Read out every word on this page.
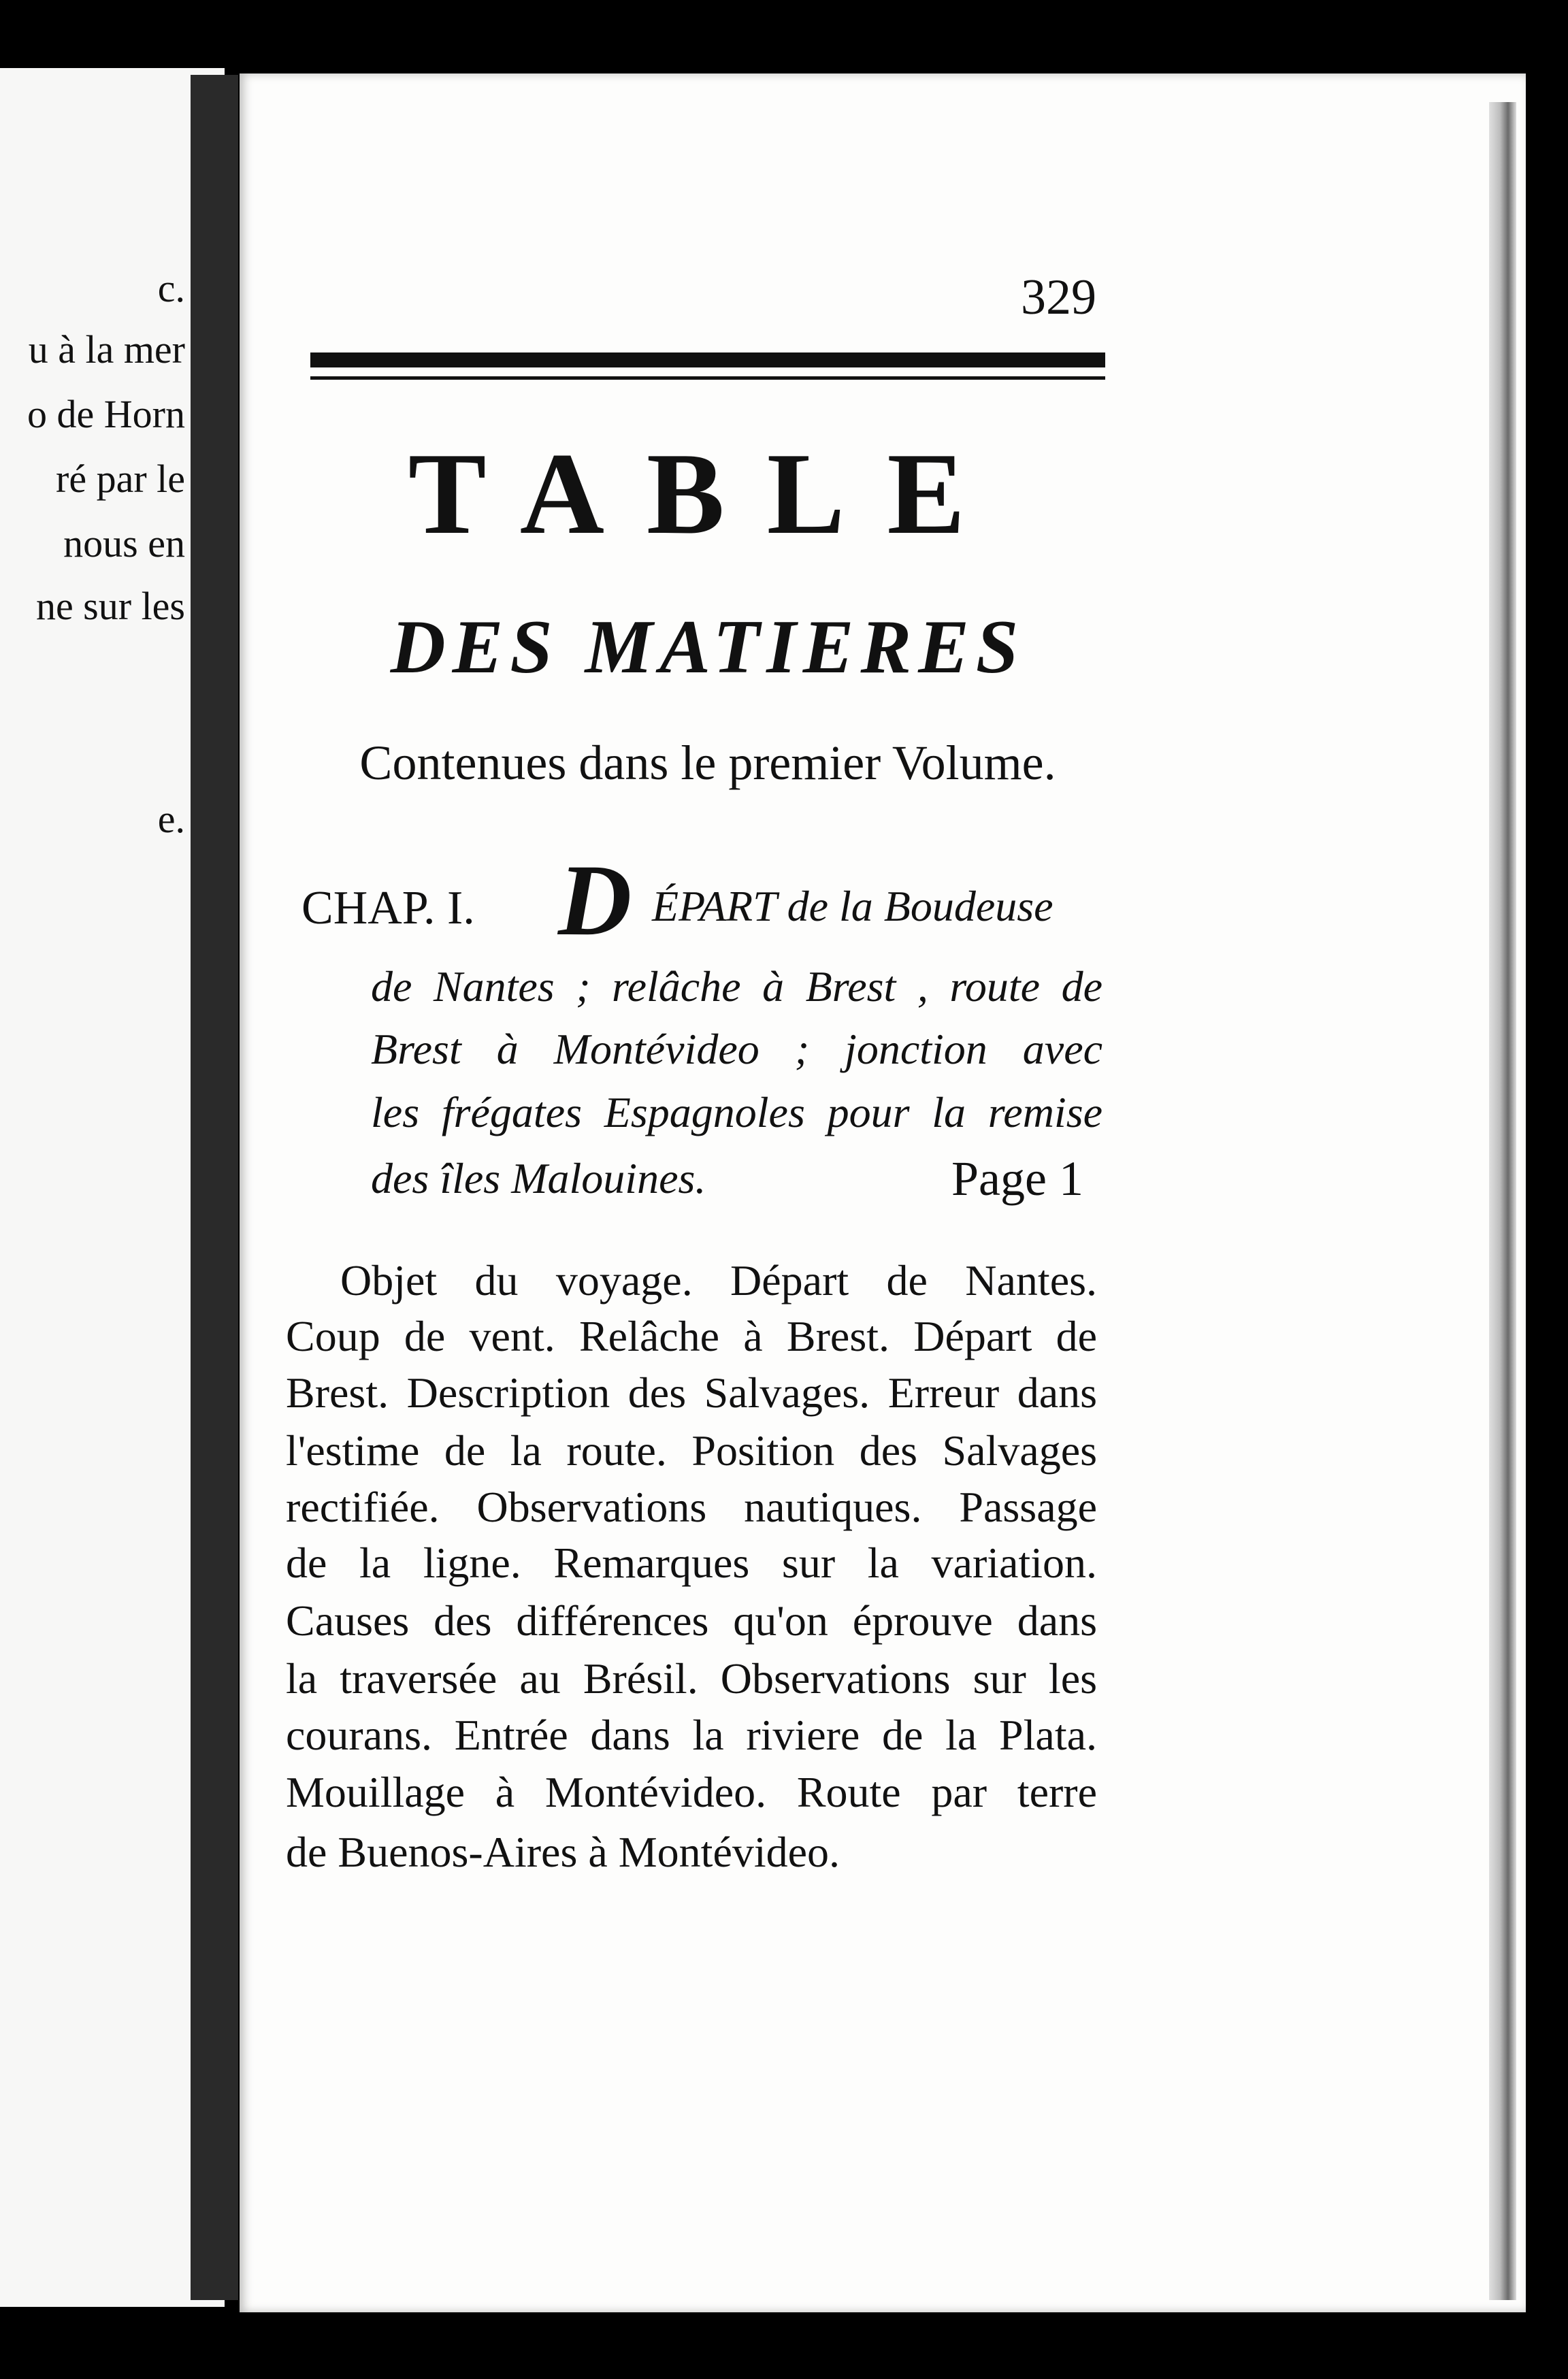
c.
u à la mer
o de Horn
ré par le
nous en
ne sur les
e.
329
TABLE
DES MATIERES
Contenues dans le premier Volume.
CHAP. I. D ÉPART de la Boudeuse
de Nantes ; relâche à Brest , route de
Brest à Montévideo ; jonction avec
les frégates Espagnoles pour la remise
des îles Malouines.	Page 1
Objet du voyage. Départ de Nantes.
Coup de vent. Relâche à Brest. Départ de
Brest. Description des Salvages. Erreur dans
l'estime de la route. Position des Salvages
rectifiée. Observations nautiques. Passage
de la ligne. Remarques sur la variation.
Causes des différences qu'on éprouve dans
la traversée au Brésil. Observations sur les
courans. Entrée dans la riviere de la Plata.
Mouillage à Montévideo. Route par terre
de Buenos-Aires à Montévideo.
